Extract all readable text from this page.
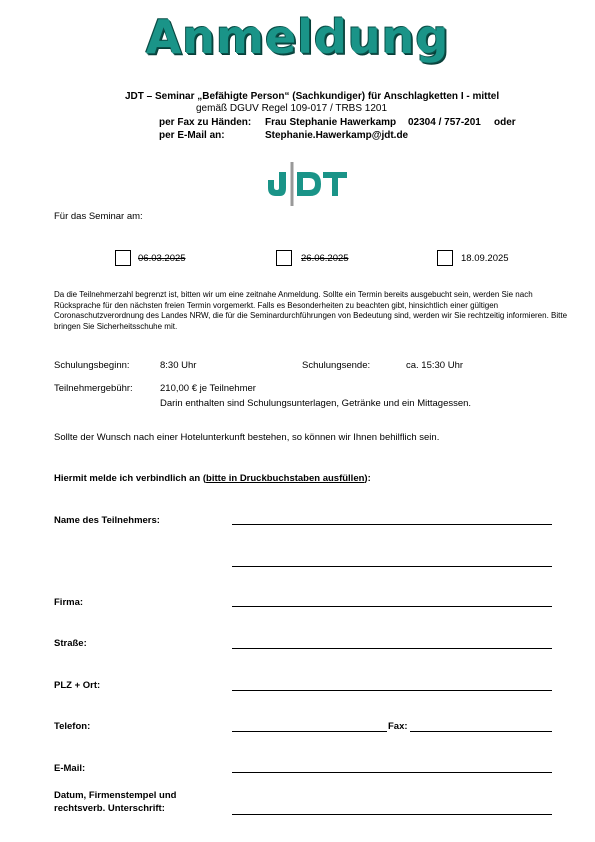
Anmeldung
JDT – Seminar „Befähigte Person“ (Sachkundiger) für Anschlagketten I - mittel
gemäß DGUV Regel 109-017 / TRBS 1201
per Fax zu Händen: Frau Stephanie Hawerkamp 02304 / 757-201 oder
per E-Mail an:	Stephanie.Hawerkamp@jdt.de
Für das Seminar am:
06.03.2025	26.06.2025	18.09.2025
Da die Teilnehmerzahl begrenzt ist, bitten wir um eine zeitnahe Anmeldung. Sollte ein Termin bereits ausgebucht sein, werden Sie nach Rücksprache für den nächsten freien Termin vorgemerkt. Falls es Besonderheiten zu beachten gibt, hinsichtlich einer gültigen Coronaschutzverordnung des Landes NRW, die für die Seminardurchführungen von Bedeutung sind, werden wir Sie rechtzeitig informieren. Bitte bringen Sie Sicherheitsschuhe mit.
Schulungsbeginn:	8:30 Uhr	Schulungsende:	ca. 15:30 Uhr
Teilnehmergebühr:	210,00 € je Teilnehmer
Darin enthalten sind Schulungsunterlagen, Getränke und ein Mittagessen.
Sollte der Wunsch nach einer Hotelunterkunft bestehen, so können wir Ihnen behilflich sein.
Hiermit melde ich verbindlich an (bitte in Druckbuchstaben ausfüllen):
Name des Teilnehmers:
Firma:
Straße:
PLZ + Ort:
Telefon:	Fax:
E-Mail:
Datum, Firmenstempel und
rechtsverb. Unterschrift:
